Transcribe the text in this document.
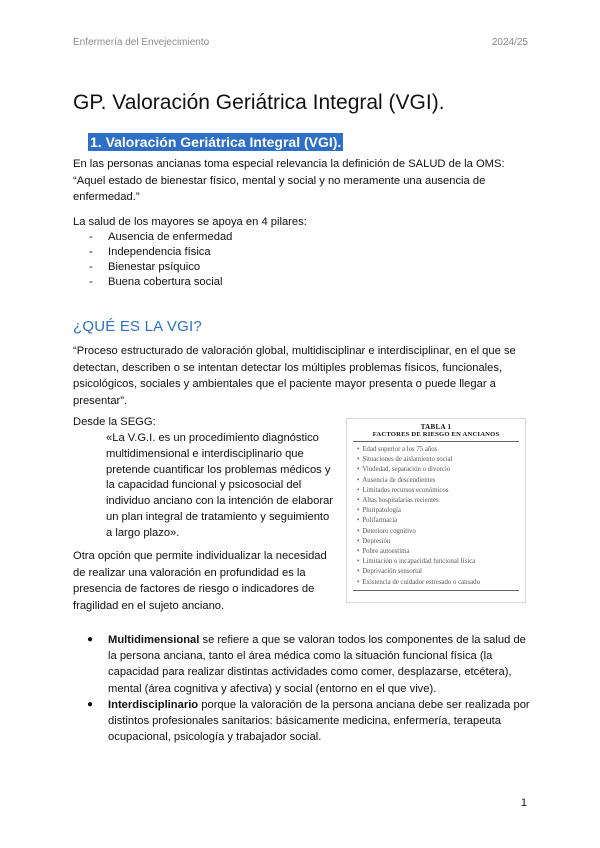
Enfermería del Envejecimiento	2024/25
GP. Valoración Geriátrica Integral (VGI).
1. Valoración Geriátrica Integral (VGI).

En las personas ancianas toma especial relevancia la definición de SALUD de la OMS: “Aquel estado de bienestar físico, mental y social y no meramente una ausencia de enfermedad.”

La salud de los mayores se apoya en 4 pilares:

- Ausencia de enfermedad
- Independencia física
- Bienestar psíquico
- Buena cobertura social
¿QUÉ ES LA VGI?

“Proceso estructurado de valoración global, multidisciplinar e interdisciplinar, en el que se detectan, describen o se intentan detectar los múltiples problemas físicos, funcionales, psicológicos, sociales y ambientales que el paciente mayor presenta o puede llegar a presentar”.

Desde la SEGG:

«La V.G.I. es un procedimiento diagnóstico multidimensional e interdisciplinario que pretende cuantificar los problemas médicos y la capacidad funcional y psicosocial del individuo anciano con la intención de elaborar un plan integral de tratamiento y seguimiento a largo plazo».

Otra opción que permite individualizar la necesidad de realizar una valoración en profundidad es la presencia de factores de riesgo o indicadores de fragilidad en el sujeto anciano.

TABLA 1
FACTORES DE RIESGO EN ANCIANOS
• Edad superior a los 75 años
• Situaciones de aislamiento social
• Viudedad, separación o divorcio
• Ausencia de descendientes
• Limitados recursos económicos
• Altas hospitalarias recientes
• Pluripatología
• Polifarmacia
• Deterioro cognitivo
• Depresión
• Pobre autoestima
• Limitación o incapacidad funcional física
• Deprivación sensorial
• Existencia de cuidador estresado o cansado
● Multidimensional se refiere a que se valoran todos los componentes de la salud de la persona anciana, tanto el área médica como la situación funcional física (la capacidad para realizar distintas actividades como comer, desplazarse, etcétera), mental (área cognitiva y afectiva) y social (entorno en el que vive).
● Interdisciplinario porque la valoración de la persona anciana debe ser realizada por distintos profesionales sanitarios: básicamente medicina, enfermería, terapeuta ocupacional, psicología y trabajador social.
1
